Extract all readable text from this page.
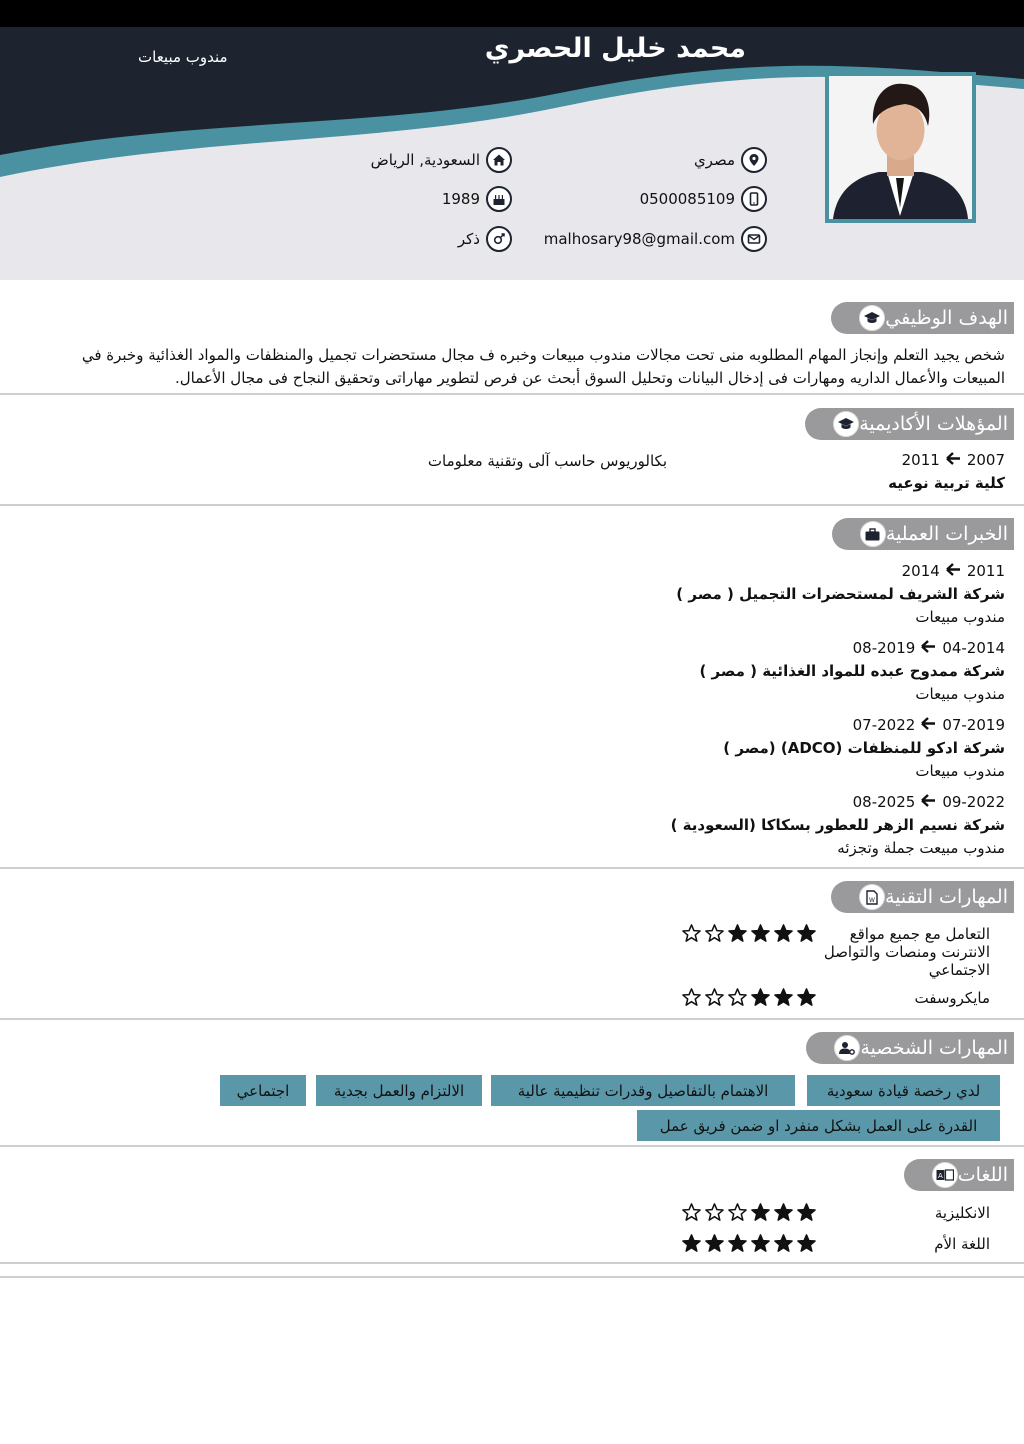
محمد خليل الحصري
مندوب مبيعات
مصري
السعودية, الرياض
0500085109
1989
malhosary98@gmail.com
ذكر
الهدف الوظيفي
شخص يجيد التعلم وإنجاز المهام المطلوبه منى تحت مجالات مندوب مبيعات وخبره ف مجال مستحضرات تجميل والمنظفات والمواد الغذائية وخبرة في
المبيعات والأعمال الداريه ومهارات فى إدخال البيانات وتحليل السوق أبحث عن فرص لتطوير مهاراتى وتحقيق النجاح فى مجال الأعمال.
المؤهلات الأكاديمية
2007
2011
بكالوريوس حاسب آلى وتقنية معلومات
كلية تربية نوعيه
الخبرات العملية
2011
2014
شركة الشريف لمستحضرات التجميل ( مصر )
مندوب مبيعات
04-2014
08-2019
شركة ممدوح عبده للمواد الغذائية ( مصر )
مندوب مبيعات
07-2019
07-2022
شركة ادكو للمنظفات (ADCO) (مصر )
مندوب مبيعات
09-2022
08-2025
شركة نسيم الزهر للعطور بسكاكا (السعودية )
مندوب مبيعت جملة وتجزئه
W المهارات التقنية
التعامل مع جميع مواقع
الانترنت ومنصات والتواصل
الاجتماعي
مايكروسفت
المهارات الشخصية
لدي رخصة قيادة سعودية
الاهتمام بالتفاصيل وقدرات تنظيمية عالية
الالتزام والعمل بجدية
اجتماعي
القدرة على العمل بشكل منفرد او ضمن فريق عمل
A اللغات
الانكليزية
اللغة الأم
